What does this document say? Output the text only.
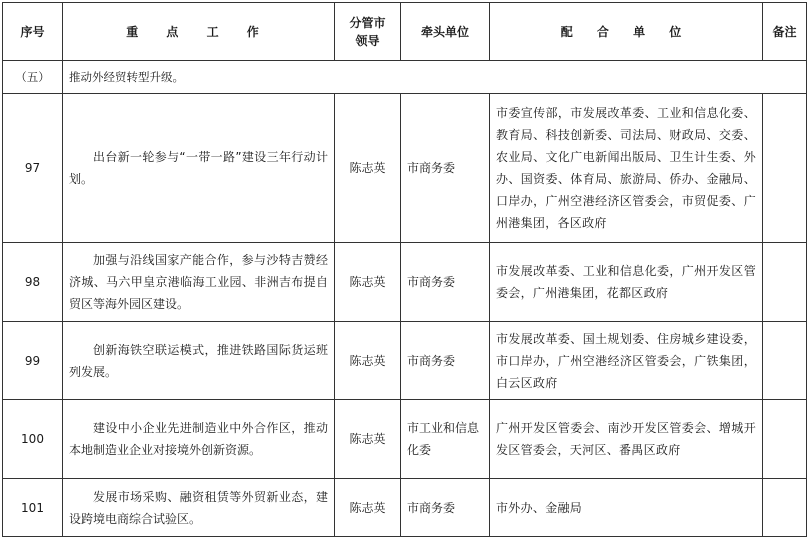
序号	重 点 工 作	分管市领导	牵头单位	配 合 单 位	备注
（五）	推动外经贸转型升级。				
97	出台新一轮参与“一带一路”建设三年行动计划。	陈志英	市商务委	市委宣传部，市发展改革委、工业和信息化委、教育局、科技创新委、司法局、财政局、交委、农业局、文化广电新闻出版局、卫生计生委、外办、国资委、体育局、旅游局、侨办、金融局、口岸办，广州空港经济区管委会，市贸促委、广州港集团，各区政府	
98	加强与沿线国家产能合作，参与沙特吉赞经济城、马六甲皇京港临海工业园、非洲吉布提自贸区等海外园区建设。	陈志英	市商务委	市发展改革委、工业和信息化委，广州开发区管委会，广州港集团，花都区政府	
99	创新海铁空联运模式，推进铁路国际货运班列发展。	陈志英	市商务委	市发展改革委、国土规划委、住房城乡建设委，市口岸办，广州空港经济区管委会，广铁集团，白云区政府	
100	建设中小企业先进制造业中外合作区，推动本地制造业企业对接境外创新资源。	陈志英	市工业和信息化委	广州开发区管委会、南沙开发区管委会、增城开发区管委会，天河区、番禺区政府	
101	发展市场采购、融资租赁等外贸新业态，建设跨境电商综合试验区。	陈志英	市商务委	市外办、金融局	
